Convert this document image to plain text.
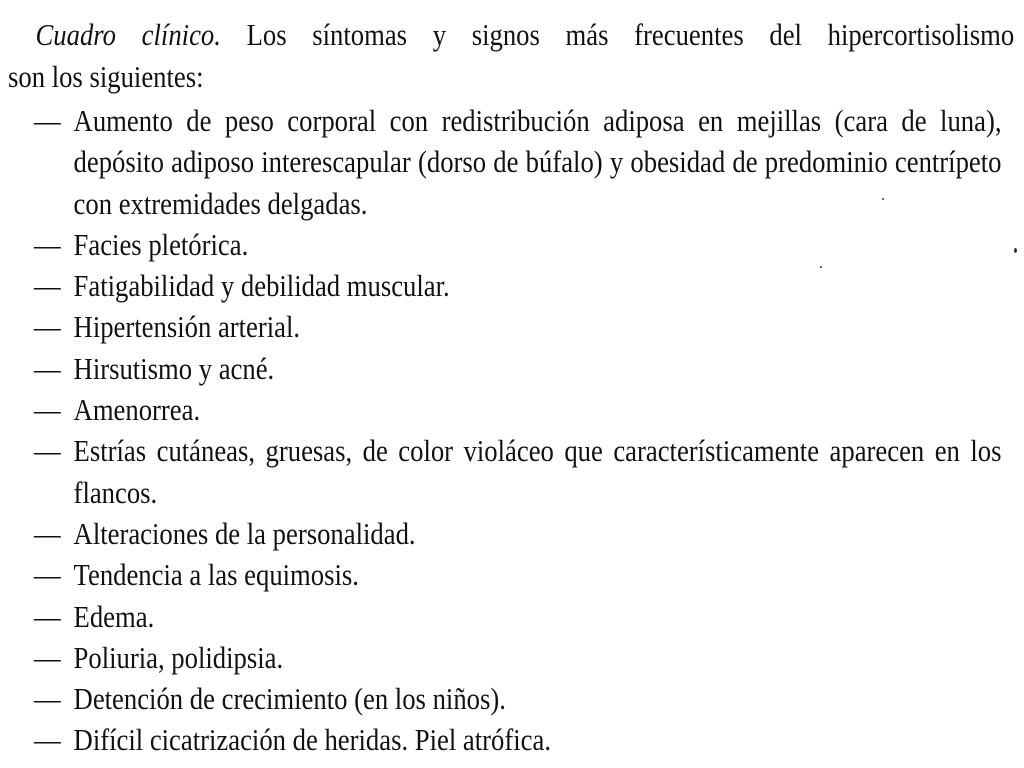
Cuadro clínico. Los síntomas y signos más frecuentes del hipercortisolismo
son los siguientes:
— Aumento de peso corporal con redistribución adiposa en mejillas (cara de luna), depósito adiposo interescapular (dorso de búfalo) y obesidad de predominio centrípeto con extremidades delgadas.
— Facies pletórica.
— Fatigabilidad y debilidad muscular.
— Hipertensión arterial.
— Hirsutismo y acné.
— Amenorrea.
— Estrías cutáneas, gruesas, de color violáceo que característicamente aparecen en los flancos.
— Alteraciones de la personalidad.
— Tendencia a las equimosis.
— Edema.
— Poliuria, polidipsia.
— Detención de crecimiento (en los niños).
— Difícil cicatrización de heridas. Piel atrófica.
